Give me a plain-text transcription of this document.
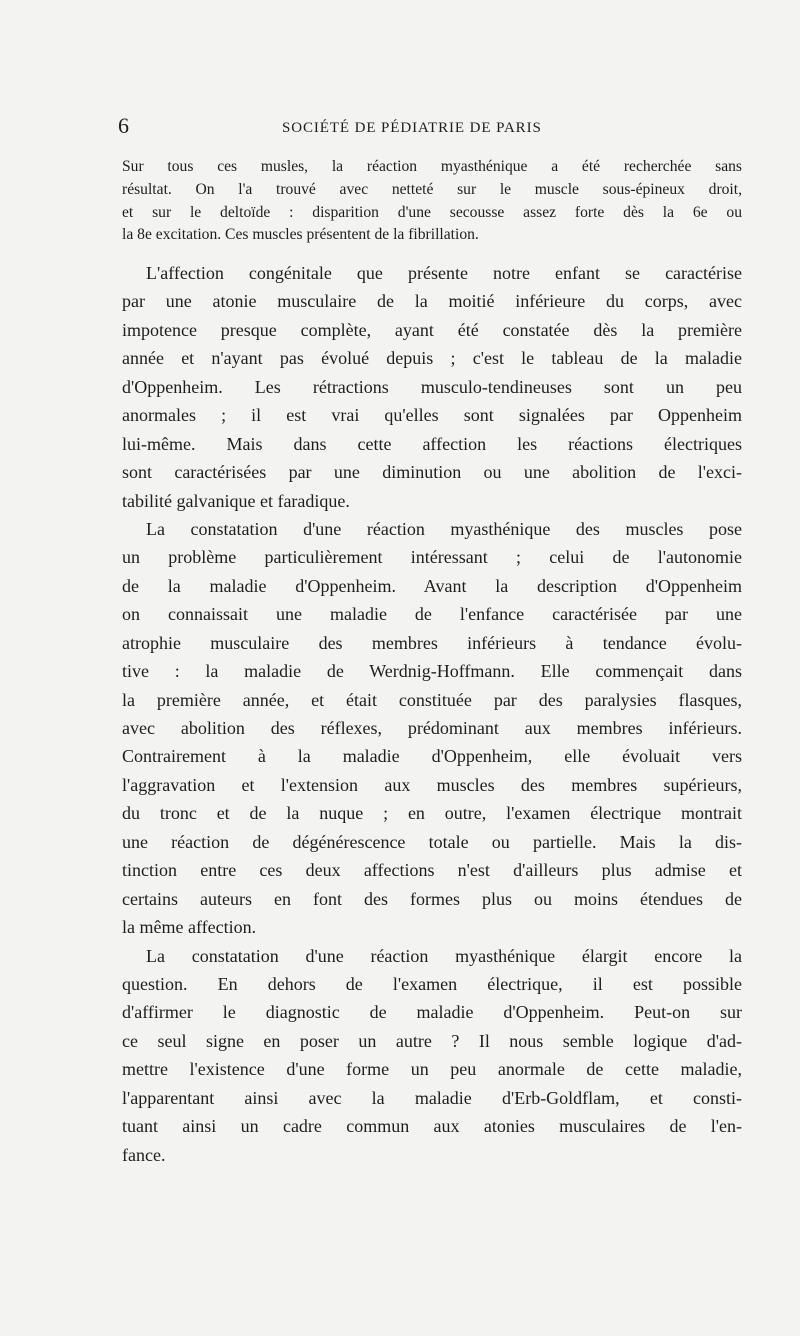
6	SOCIÉTÉ DE PÉDIATRIE DE PARIS
Sur tous ces musles, la réaction myasthénique a été recherchée sans
résultat. On l'a trouvé avec netteté sur le muscle sous-épineux droit,
et sur le deltoïde : disparition d'une secousse assez forte dès la 6e ou
la 8e excitation. Ces muscles présentent de la fibrillation.
L'affection congénitale que présente notre enfant se caractérise
par une atonie musculaire de la moitié inférieure du corps, avec
impotence presque complète, ayant été constatée dès la première
année et n'ayant pas évolué depuis ; c'est le tableau de la maladie
d'Oppenheim. Les rétractions musculo-tendineuses sont un peu
anormales ; il est vrai qu'elles sont signalées par Oppenheim
lui-même. Mais dans cette affection les réactions électriques
sont caractérisées par une diminution ou une abolition de l'exci-
tabilité galvanique et faradique.
La constatation d'une réaction myasthénique des muscles pose
un problème particulièrement intéressant ; celui de l'autonomie
de la maladie d'Oppenheim. Avant la description d'Oppenheim
on connaissait une maladie de l'enfance caractérisée par une
atrophie musculaire des membres inférieurs à tendance évolu-
tive : la maladie de Werdnig-Hoffmann. Elle commençait dans
la première année, et était constituée par des paralysies flasques,
avec abolition des réflexes, prédominant aux membres inférieurs.
Contrairement à la maladie d'Oppenheim, elle évoluait vers
l'aggravation et l'extension aux muscles des membres supérieurs,
du tronc et de la nuque ; en outre, l'examen électrique montrait
une réaction de dégénérescence totale ou partielle. Mais la dis-
tinction entre ces deux affections n'est d'ailleurs plus admise et
certains auteurs en font des formes plus ou moins étendues de
la même affection.
La constatation d'une réaction myasthénique élargit encore la
question. En dehors de l'examen électrique, il est possible
d'affirmer le diagnostic de maladie d'Oppenheim. Peut-on sur
ce seul signe en poser un autre ? Il nous semble logique d'ad-
mettre l'existence d'une forme un peu anormale de cette maladie,
l'apparentant ainsi avec la maladie d'Erb-Goldflam, et consti-
tuant ainsi un cadre commun aux atonies musculaires de l'en-
fance.
